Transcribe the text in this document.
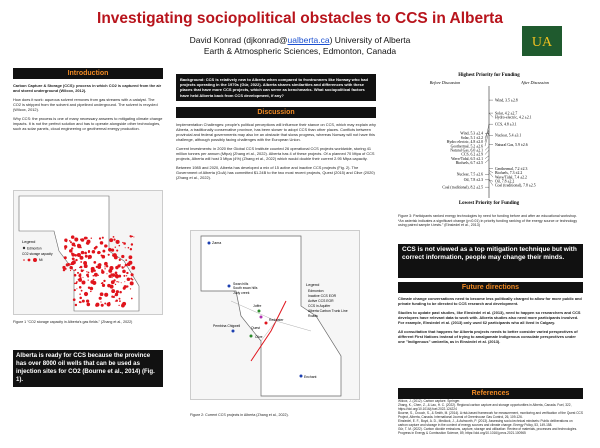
Investigating sociopolitical obstacles to CCS in Alberta
David Konrad (djkonrad@ualberta.ca) University of Alberta
Earth & Atmospheric Sciences, Edmonton, Canada
UA
Introduction
Carbon Capture & Storage (CCS): process in which CO2 is captured from the air and stored underground (Wilcox, 2012).
How does it work: aqueous solvent removes from gas streams with a catalyst. The CO2 is stripped from the solvent and pipelined underground. The solvent is recycled (Wilcox, 2012).
Why CCS: the process is one of many necessary answers to mitigating climate change impacts. It is not the perfect solution and has to operate alongside other technologies, such as solar panels, cloud engineering or geothermal energy production.
Legend
Edmonton
CO2 storage capacity
Mt
Figure 1 "CO2 storage capacity in Alberta's gas fields." (Zhang et al., 2022)
Alberta is ready for CCS because the province has over 8000 oil wells that can be used as injection sites for CO2 (Bourne et al., 2014) (Fig. 1).
Background: CCS is relatively new to Alberta when compared to frontrunners like Norway who had projects operating in the 1970s (Gür, 2022). Alberta shares similarities and differences with these places that have more CCS projects, which can serve as benchmarks. What sociopolitical factors have held Alberta back from CCS development, if any?
Discussion
Implementation Challenges: people's political perceptions will influence their stance on CCS, which may explain why Alberta, a traditionally conservative province, has been slower to adopt CCS than other places. Conflicts between provincial and federal governments may also be an obstacle that slows progress, whereas Norway will not have this challenge, although possibly facing challenges with the European Union.
Current Investments: in 2020 the Global CCS Institute counted 26 operational CCS projects worldwide, storing 41 million tonnes per annum (Mtpa) (Zhang et al., 2022). Alberta has 4 of these projects. Of a planned 70 Mtpa of CCS projects, Alberta will host 3 Mtpa (4%) (Zhang et al., 2022) which would double their current 2.95 Mtpa capacity.
Between 1985 and 2020, Alberta has developed a mix of 15 active and inactive CCS projects (Fig. 2). The Government of Alberta (GoA) has committed $1.24B to the two most recent projects, Quest (2015) and Clive (2020) (Zhang et al., 2022).
Zama
Swan hills
South swan hills
Judy creek
Joffre
Redwater
Clive
Pembina Chigwell	Quest
Enchant
Legend
Edmonton
Inactive CCS EOR
Active CCS EOR
CCS in Aquifer
Alberta Carbon Trunk Line
Roads
Figure 2: Current CCS projects in Alberta (Zhang et al., 2022).
Highest Priority for Funding
Before Discussion	After Discussion
Wind, 5.3 ±2.4
Solar, 5.1 ±2.2
Hydro electric, 4.8 ±2.0
Geothermal, 5.2 ±2.6
Natural Gas, 6.0 ±2.1
CCS, 6.2 ±2.9
Wave/Tidal, 6.5 ±2.1
Biofuels, 6.7 ±2.5
Nuclear, 7.5 ±2.6
Oil, 7.8 ±2.3
Coal (traditional), 8.2 ±2.5
Wind, 3.5 ±2.8
Solar, 4.2 ±2.7
Hydro-electric, 4.2 ±2.1
CCS, 4.8 ±3.1
Nuclear, 5.4 ±3.1
Natural Gas, 5.9 ±2.6
Geothermal, 7.2 ±2.3
Biofuels, 7.3 ±2.2
Wave/Tidal, 7.4 ±2.2
Oil, 7.8 ±2.2
Coal (traditional), 7.8 ±2.5
Lowest Priority for Funding
Figure 3: Participants ranked energy technologies by need for funding before and after an educational workshop. *An asterisk indicates a significant change (p<0.01) in priority funding ranking of the energy source or technology using paired sample t-tests." (Einsiedel et al., 2013)
CCS is not viewed as a top mitigation technique but with correct information, people may change their minds.
Future directions
Climate change conversations need to become less politically charged to allow for more public and private funding to be directed to CCS research and development.
Studies to update past studies, like Einsiedel et al. (2013), need to happen so researchers and CCS developers have relevant data to work with. Alberta studies also need more participants involved. For example, Einsiedel et al. (2013) only used 62 participants who all lived in Calgary.
All consultation that happens for Alberta projects needs to better consider varied perspectives of different First Nations instead of trying to amalgamate Indigenous consulate perspectives under one "Indigenous" umbrella, as in Einsiedel et al. (2013).
References
Wilcox, J. (2012). Carbon capture. Springer.
Zhang, K., Chen, Z., & Lau, H. C. (2022). Regional carbon capture and storage opportunities in Alberta, Canada. Fuel, 322, https://doi.org/10.1016/j.fuel.2022.124224
Bourne, S., Crouch, S., & Smith, M. (2014). A risk-based framework for measurement, monitoring and verification of the Quest CCS Project, Alberta, Canada. International Journal of Greenhouse Gas Control, 26, 109-126.
Einsiedel, E. F., Boyd, A. D., Medlock, J., & Ashworth, P. (2013). Assessing socio-technical mindsets: Public deliberations on carbon capture and storage in the context of energy sources and climate change. Energy Policy, 53, 149-158.
Gür, T. M. (2022). Carbon dioxide emissions, capture, storage and utilization: Review of materials, processes and technologies. Progress in Energy & Combustion Science, 89, https://doi.org/10.1016/j.pecs.2021.100965
